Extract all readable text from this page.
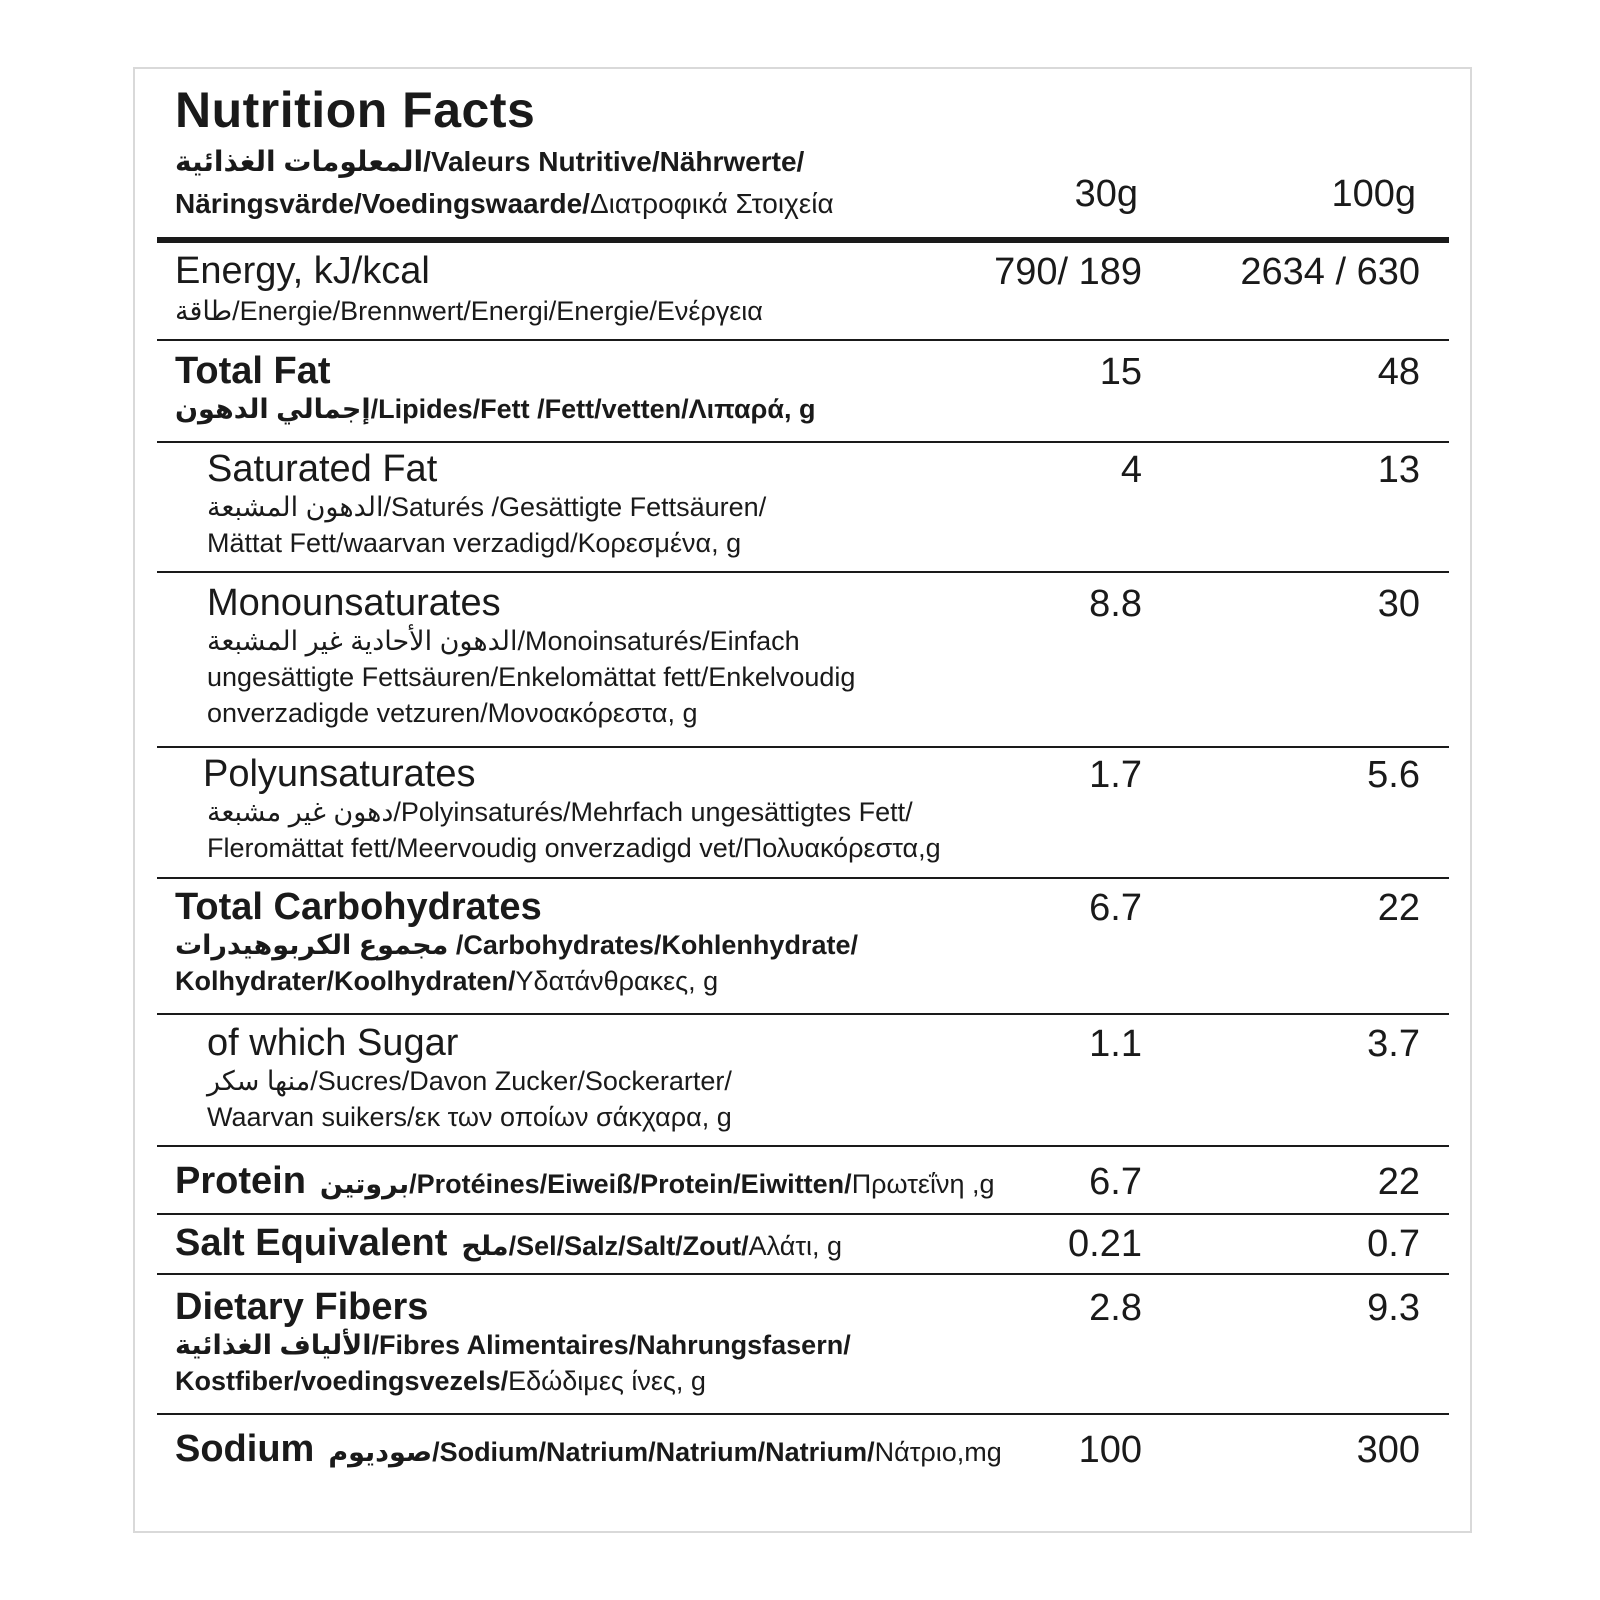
Nutrition Facts
المعلومات الغذائية/Valeurs Nutritive/Nährwerte/
Näringsvärde/Voedingswaarde/Διατροφικά Στοιχεία	30g	100g
Energy, kJ/kcal
طاقة/Energie/Brennwert/Energi/Energie/Ενέργεια
790/ 189	2634 / 630
Total Fat
إجمالي الدهون/Lipides/Fett /Fett/vetten/Λιπαρά, g
15	48
Saturated Fat
الدهون المشبعة/Saturés /Gesättigte Fettsäuren/
Mättat Fett/waarvan verzadigd/Κορεσμένα, g
4	13
Monounsaturates
الدهون الأحادية غير المشبعة/Monoinsaturés/Einfach
ungesättigte Fettsäuren/Enkelomättat fett/Enkelvoudig
onverzadigde vetzuren/Μονοακόρεστα, g
8.8	30
Polyunsaturates
دهون غير مشبعة/Polyinsaturés/Mehrfach ungesättigtes Fett/
Fleromättat fett/Meervoudig onverzadigd vet/Πολυακόρεστα,g
1.7	5.6
Total Carbohydrates
مجموع الكربوهيدرات /Carbohydrates/Kohlenhydrate/
Kolhydrater/Koolhydraten/Υδατάνθρακες, g
6.7	22
of which Sugar
منها سكر/Sucres/Davon Zucker/Sockerarter/
Waarvan suikers/εκ των οποίων σάκχαρα, g
1.1	3.7
Protein بروتين/Protéines/Eiweiß/Protein/Eiwitten/Πρωτεΐνη ,g	6.7	22
Salt Equivalent ملح/Sel/Salz/Salt/Zout/Αλάτι, g	0.21	0.7
Dietary Fibers
الألياف الغذائية/Fibres Alimentaires/Nahrungsfasern/
Kostfiber/voedingsvezels/Εδώδιμες ίνες, g
2.8	9.3
Sodium صوديوم/Sodium/Natrium/Natrium/Natrium/Νάτριο,mg	100	300
